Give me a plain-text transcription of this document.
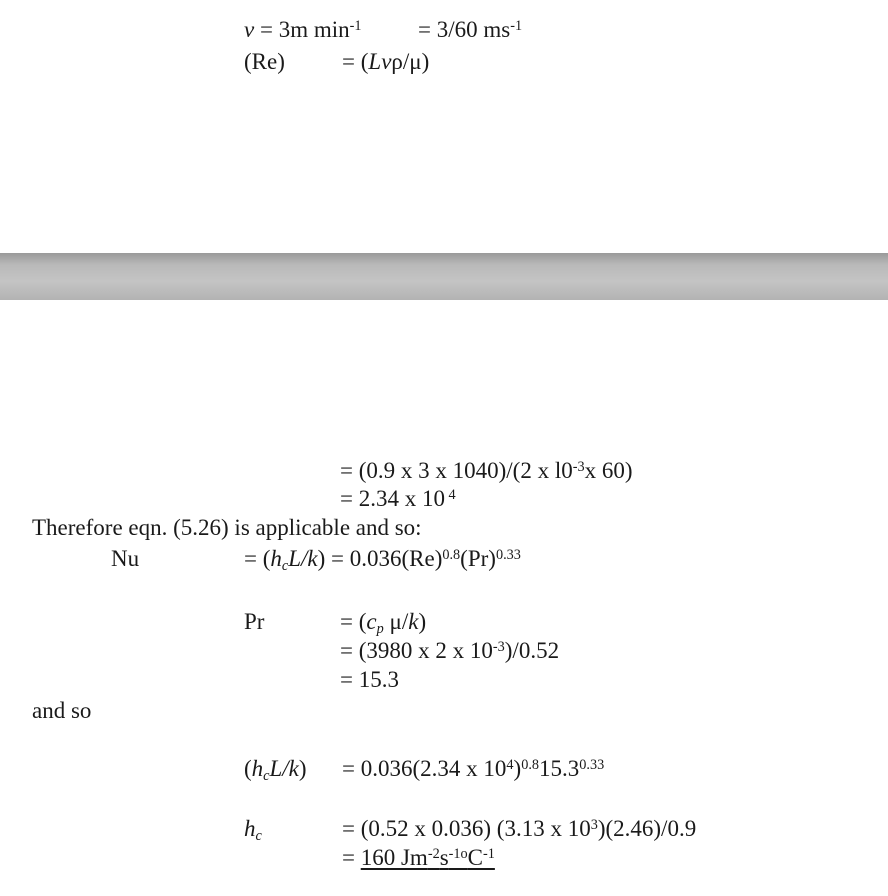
v = 3m $\min^{-1} = 3/60$ $ms^{-1}$
(Re) = (Lvρ/μ)
= (0.9 x 3 x 1040)/(2 x $l0^{-3}x$ 60)
= 2.34 x 10 $^4$
Therefore eqn. (5.26) is applicable and so:
Nu	= $(h_cL/k) = 0.036(Re)^{0.8}(Pr)^{0.33}$
Pr	= ($c_p$ μ/k)
= (3980 x 2 x $10^{-3})/0.52$
= 15.3
and so
$(h_cL/k) = 0.036(2.34$ x $10^4)^{0.8}15.3^{0.33}$
$h_c$	= (0.52 x 0.036) (3.13 x $10^3)(2.46)/0.9$
= 160 $Jm^{-2}s^{-1o}C^{-1}$
